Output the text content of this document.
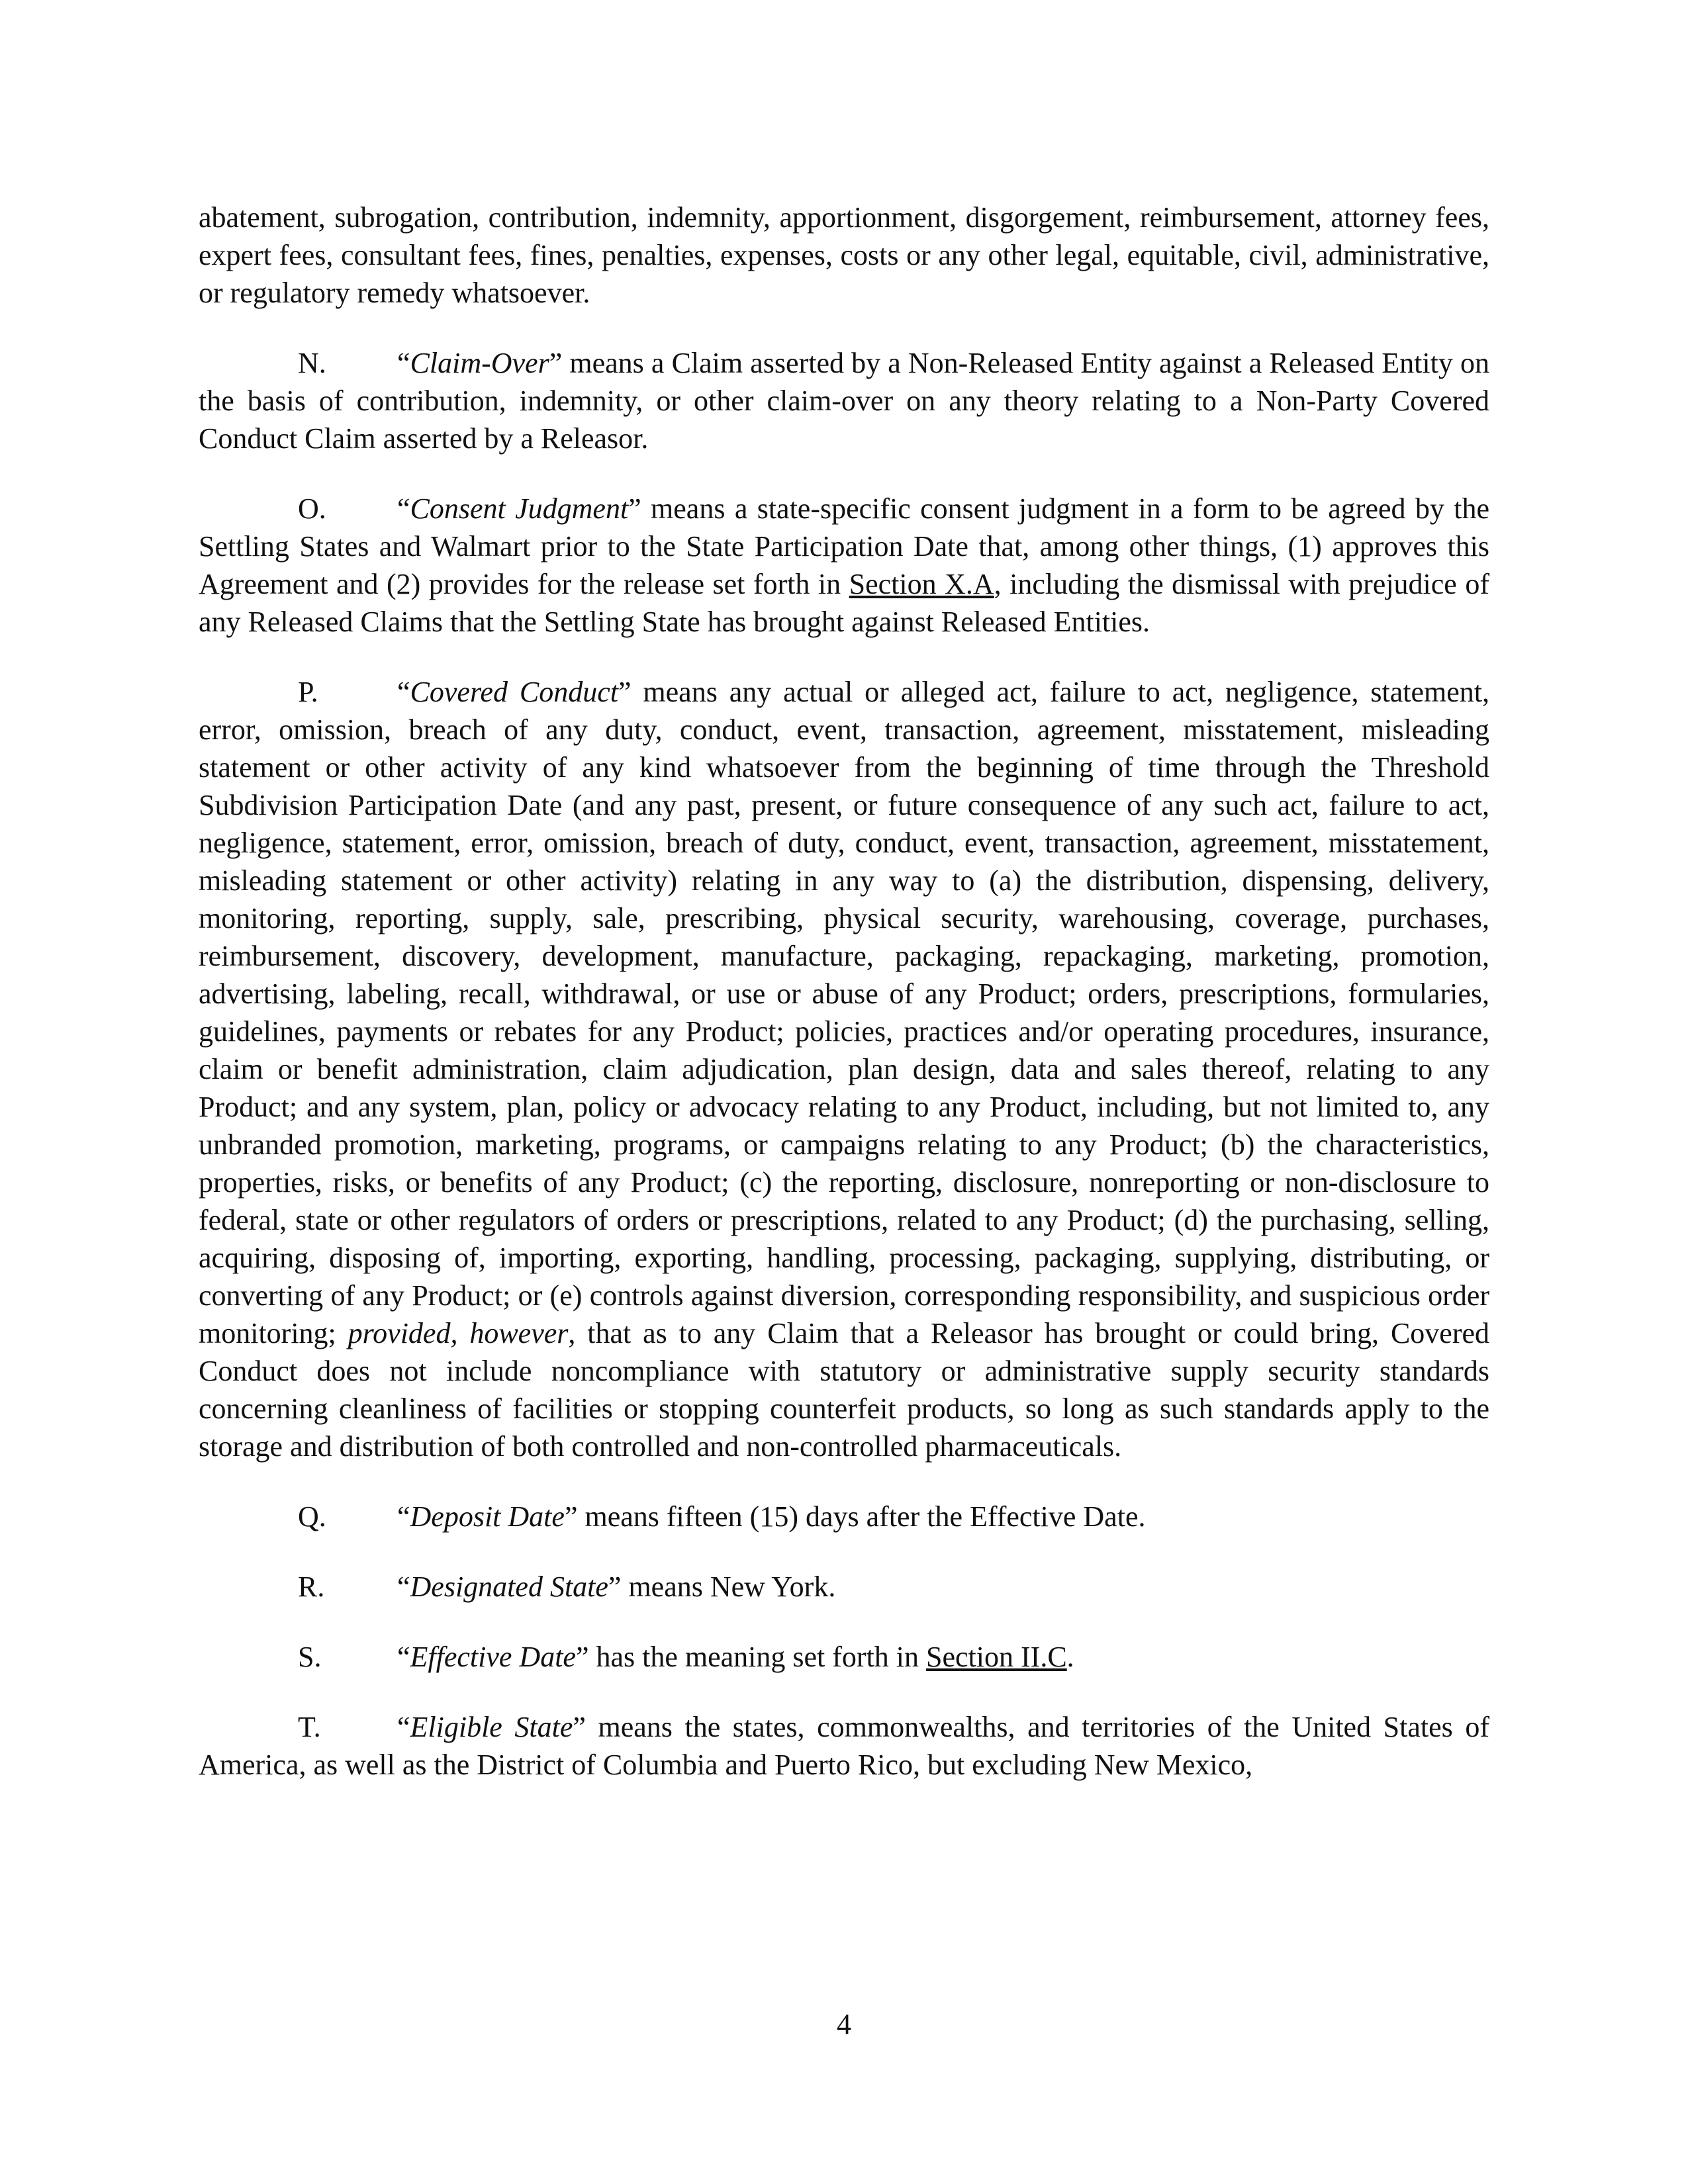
abatement, subrogation, contribution, indemnity, apportionment, disgorgement, reimbursement, attorney fees, expert fees, consultant fees, fines, penalties, expenses, costs or any other legal, equitable, civil, administrative, or regulatory remedy whatsoever.

N. “Claim-Over” means a Claim asserted by a Non-Released Entity against a Released Entity on the basis of contribution, indemnity, or other claim-over on any theory relating to a Non-Party Covered Conduct Claim asserted by a Releasor.

O. “Consent Judgment” means a state-specific consent judgment in a form to be agreed by the Settling States and Walmart prior to the State Participation Date that, among other things, (1) approves this Agreement and (2) provides for the release set forth in Section X.A, including the dismissal with prejudice of any Released Claims that the Settling State has brought against Released Entities.

P.	“Covered Conduct” means any actual or alleged act, failure to act, negligence, statement, error, omission, breach of any duty, conduct, event, transaction, agreement, misstatement, misleading statement or other activity of any kind whatsoever from the beginning of time through the Threshold Subdivision Participation Date (and any past, present, or future consequence of any such act, failure to act, negligence, statement, error, omission, breach of duty, conduct, event, transaction, agreement, misstatement, misleading statement or other activity) relating in any way to (a) the distribution, dispensing, delivery, monitoring, reporting, supply, sale, prescribing, physical security, warehousing, coverage, purchases, reimbursement, discovery, development, manufacture, packaging, repackaging, marketing, promotion, advertising, labeling, recall, withdrawal, or use or abuse of any Product; orders, prescriptions, formularies, guidelines, payments or rebates for any Product; policies, practices and/or operating procedures, insurance, claim or benefit administration, claim adjudication, plan design, data and sales thereof, relating to any Product; and any system, plan, policy or advocacy relating to any Product, including, but not limited to, any unbranded promotion, marketing, programs, or campaigns relating to any Product; (b) the characteristics, properties, risks, or benefits of any Product; (c) the reporting, disclosure, nonreporting or non-disclosure to federal, state or other regulators of orders or prescriptions, related to any Product; (d) the purchasing, selling, acquiring, disposing of, importing, exporting, handling, processing, packaging, supplying, distributing, or converting of any Product; or (e) controls against diversion, corresponding responsibility, and suspicious order monitoring; provided, however, that as to any Claim that a Releasor has brought or could bring, Covered Conduct does not include noncompliance with statutory or administrative supply security standards concerning cleanliness of facilities or stopping counterfeit products, so long as such standards apply to the storage and distribution of both controlled and non-controlled pharmaceuticals.

Q. “Deposit Date” means fifteen (15) days after the Effective Date.

R. “Designated State” means New York.

S.	“Effective Date” has the meaning set forth in Section II.C.

T.	“Eligible State” means the states, commonwealths, and territories of the United States of America, as well as the District of Columbia and Puerto Rico, but excluding New Mexico,

4
